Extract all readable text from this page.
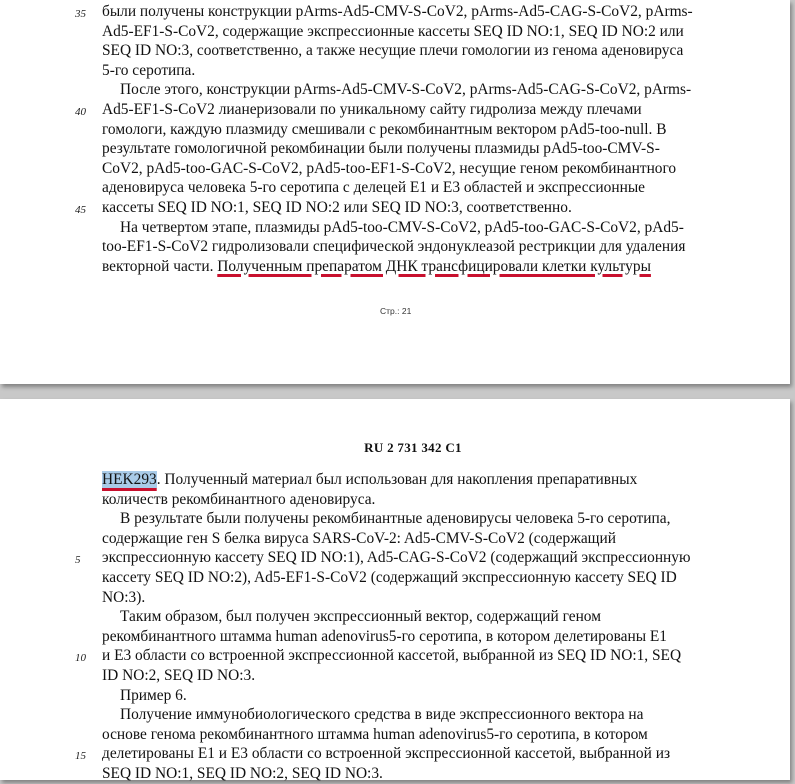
35 были получены конструкции pArms-Ad5-CMV-S-CoV2, pArms-Ad5-CAG-S-CoV2, pArms-
Ad5-EF1-S-CoV2, содержащие экспрессионные кассеты SEQ ID NO:1, SEQ ID NO:2 или
SEQ ID NO:3, соответственно, а также несущие плечи гомологии из генома аденовируса
5-го серотипа.
После этого, конструкции pArms-Ad5-CMV-S-CoV2, pArms-Ad5-CAG-S-CoV2, pArms-
40 Ad5-EF1-S-CoV2 лианеризовали по уникальному сайту гидролиза между плечами
гомологи, каждую плазмиду смешивали с рекомбинантным вектором pAd5-too-null. В
результате гомологичной рекомбинации были получены плазмиды pAd5-too-CMV-S-
CoV2, pAd5-too-GAC-S-CoV2, pAd5-too-EF1-S-CoV2, несущие геном рекомбинантного
аденовируса человека 5-го серотипа с делецей E1 и E3 областей и экспрессионные
45 кассеты SEQ ID NO:1, SEQ ID NO:2 или SEQ ID NO:3, соответственно.
На четвертом этапе, плазмиды pAd5-too-CMV-S-CoV2, pAd5-too-GAC-S-CoV2, pAd5-
too-EF1-S-CoV2 гидролизовали специфической эндонуклеазой рестрикции для удаления
векторной части. Полученным препаратом ДНК трансфицировали клетки культуры
Стр.: 21
RU 2 731 342 C1
HEK293. Полученный материал был использован для накопления препаративных
количеств рекомбинантного аденовируса.
В результате были получены рекомбинантные аденовирусы человека 5-го серотипа,
содержащие ген S белка вируса SARS-CoV-2: Ad5-CMV-S-CoV2 (содержащий
5 экспрессионную кассету SEQ ID NO:1), Ad5-CAG-S-CoV2 (содержащий экспрессионную
кассету SEQ ID NO:2), Ad5-EF1-S-CoV2 (содержащий экспрессионную кассету SEQ ID
NO:3).
Таким образом, был получен экспрессионный вектор, содержащий геном
рекомбинантного штамма human adenovirus5-го серотипа, в котором делетированы E1
10 и E3 области со встроенной экспрессионной кассетой, выбранной из SEQ ID NO:1, SEQ
ID NO:2, SEQ ID NO:3.
Пример 6.
Получение иммунобиологического средства в виде экспрессионного вектора на
основе генома рекомбинантного штамма human adenovirus5-го серотипа, в котором
15 делетированы E1 и E3 области со встроенной экспрессионной кассетой, выбранной из
SEQ ID NO:1, SEQ ID NO:2, SEQ ID NO:3.
